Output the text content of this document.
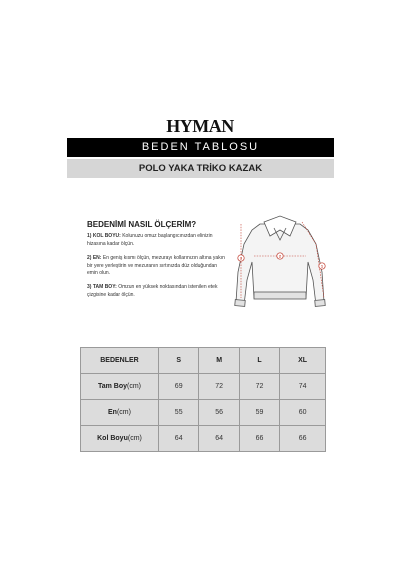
HYMAN
BEDEN TABLOSU
POLO YAKA TRİKO KAZAK
BEDENİMİ NASIL ÖLÇERİM?
1) KOL BOYU: Kolunuzu omuz başlangıcınızdan elinizin hizasına kadar ölçün.
2) EN: En geniş kısmı ölçün, mezurayı kollarınızın altına yakın bir yere yerleştirin ve mezuranın sırtınızda düz olduğundan emin olun.
3) TAM BOY: Omzun en yüksek noktasından istenilen etek çizgisine kadar ölçün.
3	2
1
BEDENLER	S	M	L	XL
Tam Boy(cm)	69	72	72	74
En(cm)	55	56	59	60
Kol Boyu(cm)	64	64	66	66
